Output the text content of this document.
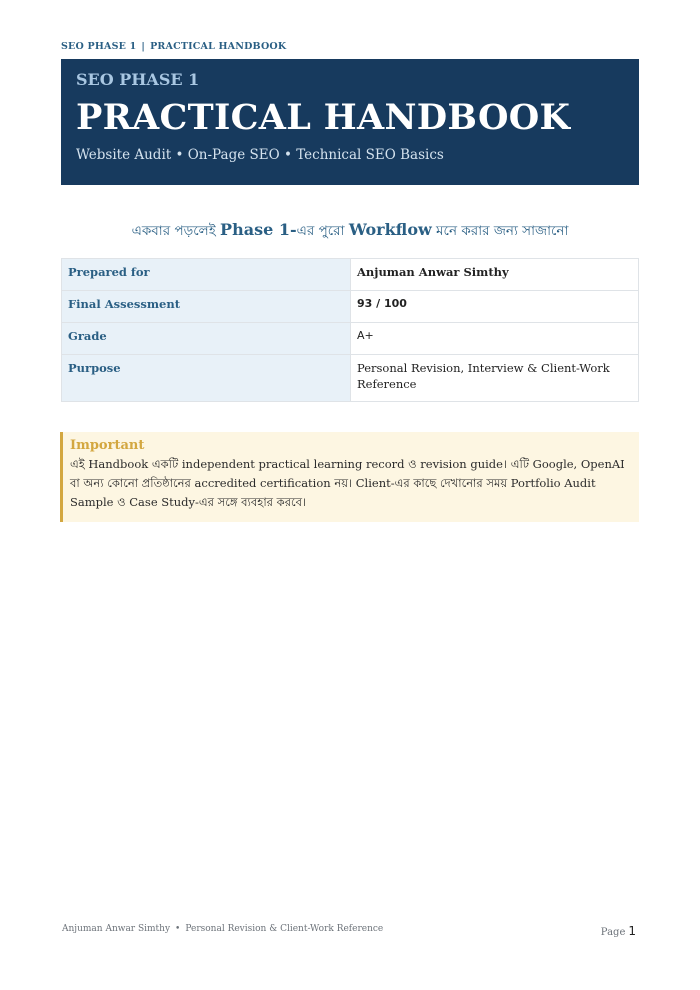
SEO PHASE 1 | PRACTICAL HANDBOOK
SEO PHASE 1
PRACTICAL HANDBOOK
Website Audit • On-Page SEO • Technical SEO Basics
একবার পড়লেই Phase 1-এর পুরো Workflow মনে করার জন্য সাজানো
Prepared for	Anjuman Anwar Simthy
Final Assessment	93 / 100
Grade	A+
Purpose	Personal Revision, Interview & Client-Work Reference
Important
এই Handbook একটি independent practical learning record ও revision guide। এটি Google, OpenAI বা অন্য কোনো প্রতিষ্ঠানের accredited certification নয়। Client-এর কাছে দেখানোর সময় Portfolio Audit Sample ও Case Study-এর সঙ্গে ব্যবহার করবে।
Anjuman Anwar Simthy • Personal Revision & Client-Work Reference	Page 1
